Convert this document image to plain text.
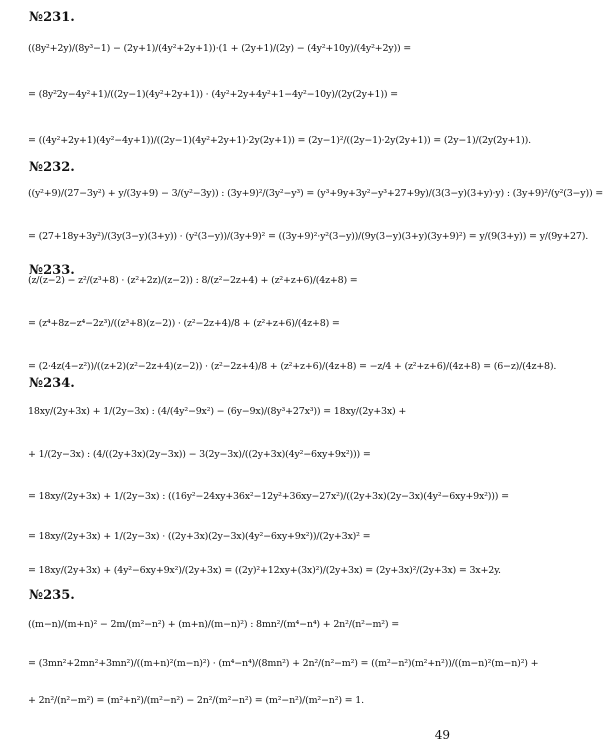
№231.
((8y²+2y)/(8y³−1) − (2y+1)/(4y²+2y+1))·(1 + (2y+1)/(2y) − (4y²+10y)/(4y²+2y)) =
= (8y²2y−4y²+1)/((2y−1)(4y²+2y+1)) · (4y²+2y+4y²+1−4y²−10y)/(2y(2y+1)) =
= ((4y²+2y+1)(4y²−4y+1))/((2y−1)(4y²+2y+1)·2y(2y+1)) = (2y−1)²/((2y−1)·2y(2y+1)) = (2y−1)/(2y(2y+1)).
№232.
((y²+9)/(27−3y²) + y/(3y+9) − 3/(y²−3y)) : (3y+9)²/(3y²−y³) = (y³+9y+3y²−y³+27+9y)/(3(3−y)(3+y)·y) : (3y+9)²/(y²(3−y)) =
= (27+18y+3y²)/(3y(3−y)(3+y)) · (y²(3−y))/(3y+9)² = ((3y+9)²·y²(3−y))/(9y(3−y)(3+y)(3y+9)²) = y/(9(3+y)) = y/(9y+27).
№233.
(z/(z−2) − z²/(z³+8) · (z²+2z)/(z−2)) : 8/(z²−2z+4) + (z²+z+6)/(4z+8) =
= (z⁴+8z−z⁴−2z³)/((z³+8)(z−2)) · (z²−2z+4)/8 + (z²+z+6)/(4z+8) =
= (2·4z(4−z²))/((z+2)(z²−2z+4)(z−2)) · (z²−2z+4)/8 + (z²+z+6)/(4z+8) = −z/4 + (z²+z+6)/(4z+8) = (6−z)/(4z+8).
№234.
18xy/(2y+3x) + 1/(2y−3x) : (4/(4y²−9x²) − (6y−9x)/(8y³+27x³)) = 18xy/(2y+3x) +
+ 1/(2y−3x) : (4/((2y+3x)(2y−3x)) − 3(2y−3x)/((2y+3x)(4y²−6xy+9x²))) =
= 18xy/(2y+3x) + 1/(2y−3x) : ((16y²−24xy+36x²−12y²+36xy−27x²)/((2y+3x)(2y−3x)(4y²−6xy+9x²))) =
= 18xy/(2y+3x) + 1/(2y−3x) · ((2y+3x)(2y−3x)(4y²−6xy+9x²))/(2y+3x)² =
= 18xy/(2y+3x) + (4y²−6xy+9x²)/(2y+3x) = ((2y)²+12xy+(3x)²)/(2y+3x) = (2y+3x)²/(2y+3x) = 3x+2y.
№235.
((m−n)/(m+n)² − 2m/(m²−n²) + (m+n)/(m−n)²) : 8mn²/(m⁴−n⁴) + 2n²/(n²−m²) =
= (3mn²+2mn²+3mn²)/((m+n)²(m−n)²) · (m⁴−n⁴)/(8mn²) + 2n²/(n²−m²) = ((m²−n²)(m²+n²))/((m−n)²(m−n)²) +
+ 2n²/(n²−m²) = (m²+n²)/(m²−n²) − 2n²/(m²−n²) = (m²−n²)/(m²−n²) = 1.
49
